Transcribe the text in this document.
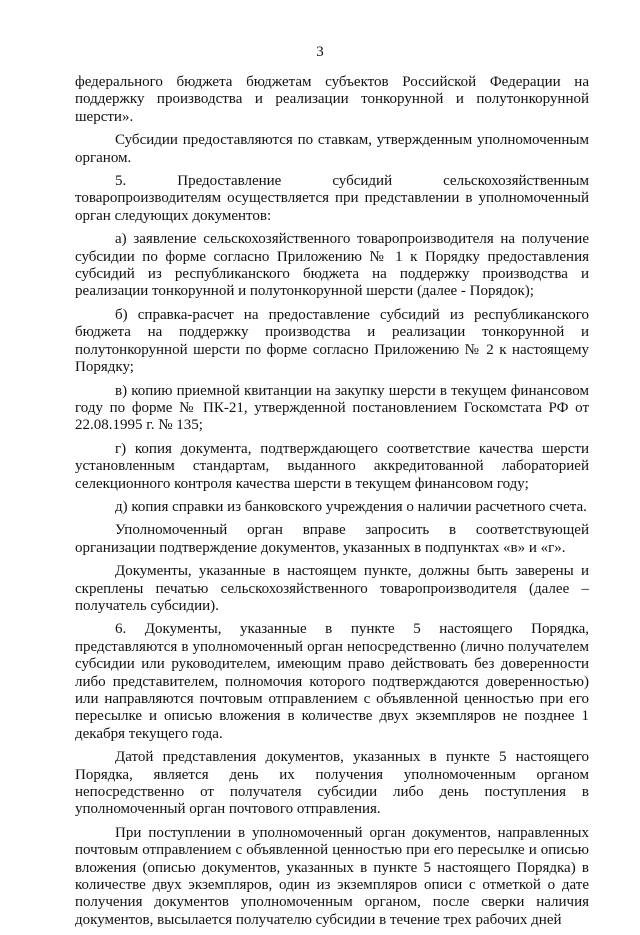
3

федерального бюджета бюджетам субъектов Российской Федерации на поддержку производства и реализации тонкорунной и полутонкорунной шерсти».

Субсидии предоставляются по ставкам, утвержденным уполномоченным органом.

5. Предоставление субсидий сельскохозяйственным товаропроизводителям осуществляется при представлении в уполномоченный орган следующих документов:

а) заявление сельскохозяйственного товаропроизводителя на получение субсидии по форме согласно Приложению № 1 к Порядку предоставления субсидий из республиканского бюджета на поддержку производства и реализации тонкорунной и полутонкорунной шерсти (далее - Порядок);

б) справка-расчет на предоставление субсидий из республиканского бюджета на поддержку производства и реализации тонкорунной и полутонкорунной шерсти по форме согласно Приложению № 2 к настоящему Порядку;

в) копию приемной квитанции на закупку шерсти в текущем финансовом году по форме № ПК-21, утвержденной постановлением Госкомстата РФ от 22.08.1995 г. № 135;

г) копия документа, подтверждающего соответствие качества шерсти установленным стандартам, выданного аккредитованной лабораторией селекционного контроля качества шерсти в текущем финансовом году;

д) копия справки из банковского учреждения о наличии расчетного счета.

Уполномоченный орган вправе запросить в соответствующей организации подтверждение документов, указанных в подпунктах «в» и «г».

Документы, указанные в настоящем пункте, должны быть заверены и скреплены печатью сельскохозяйственного товаропроизводителя (далее – получатель субсидии).

6. Документы, указанные в пункте 5 настоящего Порядка, представляются в уполномоченный орган непосредственно (лично получателем субсидии или руководителем, имеющим право действовать без доверенности либо представителем, полномочия которого подтверждаются доверенностью) или направляются почтовым отправлением с объявленной ценностью при его пересылке и описью вложения в количестве двух экземпляров не позднее 1 декабря текущего года.

Датой представления документов, указанных в пункте 5 настоящего Порядка, является день их получения уполномоченным органом непосредственно от получателя субсидии либо день поступления в уполномоченный орган почтового отправления.

При поступлении в уполномоченный орган документов, направленных почтовым отправлением с объявленной ценностью при его пересылке и описью вложения (описью документов, указанных в пункте 5 настоящего Порядка) в количестве двух экземпляров, один из экземпляров описи с отметкой о дате получения документов уполномоченным органом, после сверки наличия документов, высылается получателю субсидии в течение трех рабочих дней
